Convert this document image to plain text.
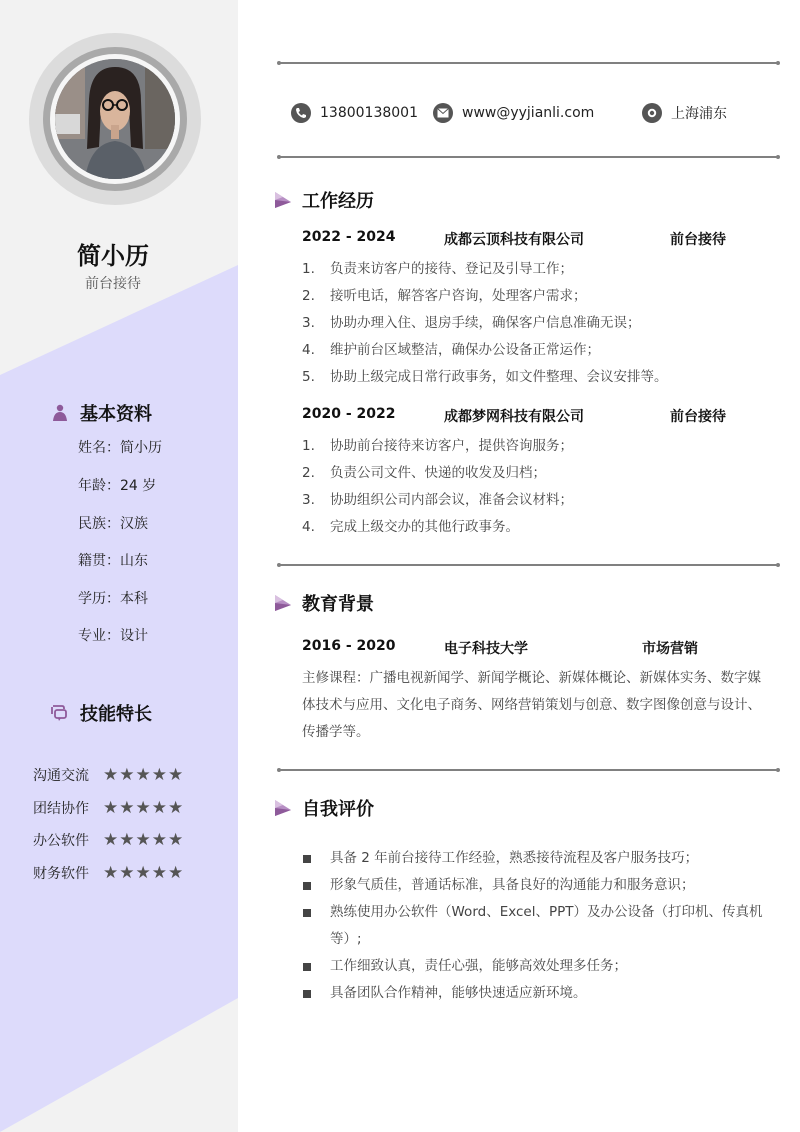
简小历
前台接待
基本资料
姓名：简小历
年龄：24 岁
民族：汉族
籍贯：山东
学历：本科
专业：设计
技能特长
沟通交流 ★★★★★
团结协作 ★★★★★
办公软件 ★★★★★
财务软件 ★★★★★
13800138001	www@yyjianli.com	上海浦东
工作经历
2022 - 2024	成都云顶科技有限公司	前台接待
1.	负责来访客户的接待、登记及引导工作；
2.	接听电话，解答客户咨询，处理客户需求；
3.	协助办理入住、退房手续，确保客户信息准确无误；
4.	维护前台区域整洁，确保办公设备正常运作；
5.	协助上级完成日常行政事务，如文件整理、会议安排等。
2020 - 2022	成都梦网科技有限公司	前台接待
1.	协助前台接待来访客户，提供咨询服务；
2.	负责公司文件、快递的收发及归档；
3.	协助组织公司内部会议，准备会议材料；
4.	完成上级交办的其他行政事务。
教育背景
2016 - 2020	电子科技大学	市场营销
主修课程：广播电视新闻学、新闻学概论、新媒体概论、新媒体实务、数字媒体技术与应用、文化电子商务、网络营销策划与创意、数字图像创意与设计、传播学等。
自我评价
具备 2 年前台接待工作经验，熟悉接待流程及客户服务技巧；
形象气质佳，普通话标准，具备良好的沟通能力和服务意识；
熟练使用办公软件（Word、Excel、PPT）及办公设备（打印机、传真机等）;
工作细致认真，责任心强，能够高效处理多任务；
具备团队合作精神，能够快速适应新环境。
